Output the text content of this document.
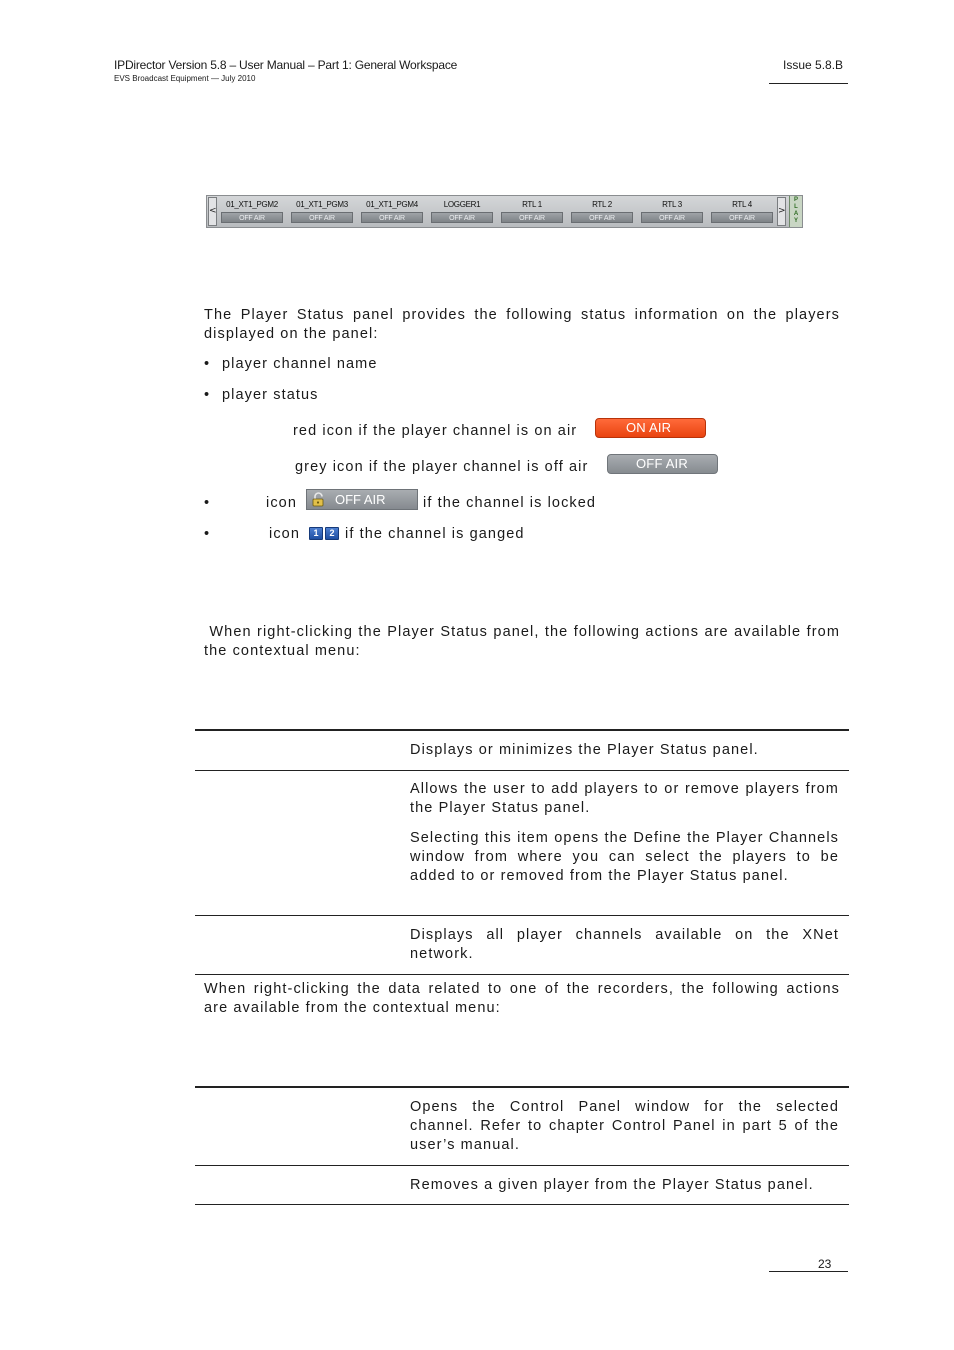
IPDirector Version 5.8 – User Manual – Part 1: General Workspace
EVS Broadcast Equipment — July 2010
Issue 5.8.B
<
01_XT1_PGM2
OFF AIR
01_XT1_PGM3
OFF AIR
01_XT1_PGM4
OFF AIR
LOGGER1
OFF AIR
RTL 1
OFF AIR
RTL 2
OFF AIR
RTL 3
OFF AIR
RTL 4
OFF AIR
>
PLAY
The Player Status panel provides the following status information on the players displayed on the panel:
• player channel name
• player status
red icon if the player channel is on air	ON AIR
grey icon if the player channel is off air	OFF AIR
•	icon	OFF AIR	if the channel is locked
•	icon	1	2 if the channel is ganged
When right-clicking the Player Status panel, the following actions are available from the contextual menu:
Displays or minimizes the Player Status panel.
Allows the user to add players to or remove players from the Player Status panel.
Selecting this item opens the Define the Player Channels window from where you can select the players to be added to or removed from the Player Status panel.
Displays all player channels available on the XNet network.
When right-clicking the data related to one of the recorders, the following actions are available from the contextual menu:
Opens the Control Panel window for the selected channel. Refer to chapter Control Panel in part 5 of the user’s manual.
Removes a given player from the Player Status panel.
23
